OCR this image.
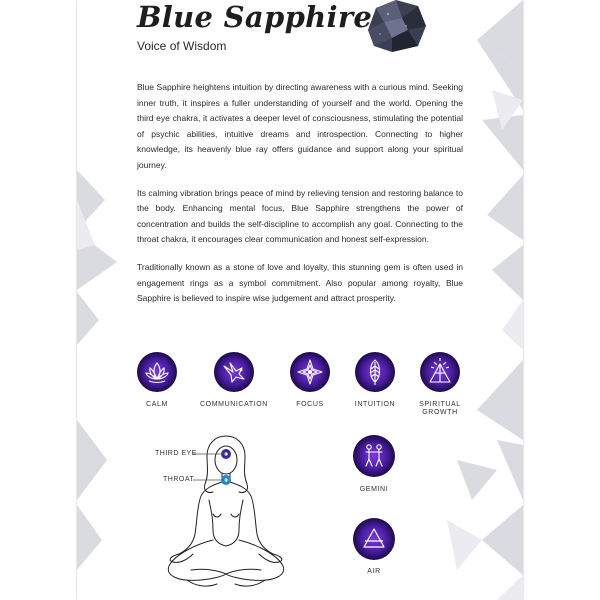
Blue Sapphire
Voice of Wisdom

Blue Sapphire heightens intuition by directing awareness with a curious mind. Seeking inner truth, it inspires a fuller understanding of yourself and the world. Opening the third eye chakra, it activates a deeper level of consciousness, stimulating the potential of psychic abilities, intuitive dreams and introspection. Connecting to higher knowledge, its heavenly blue ray offers guidance and support along your spiritual journey.

Its calming vibration brings peace of mind by relieving tension and restoring balance to the body. Enhancing mental focus, Blue Sapphire strengthens the power of concentration and builds the self-discipline to accomplish any goal. Connecting to the throat chakra, it encourages clear communication and honest self-expression.

Traditionally known as a stone of love and loyalty, this stunning gem is often used in engagement rings as a symbol commitment. Also popular among royalty, Blue Sapphire is believed to inspire wise judgement and attract prosperity.

CALM	COMMUNICATION	FOCUS	INTUITION	SPIRITUAL
GROWTH
THIRD EYE
THROAT
GEMINI
AIR
